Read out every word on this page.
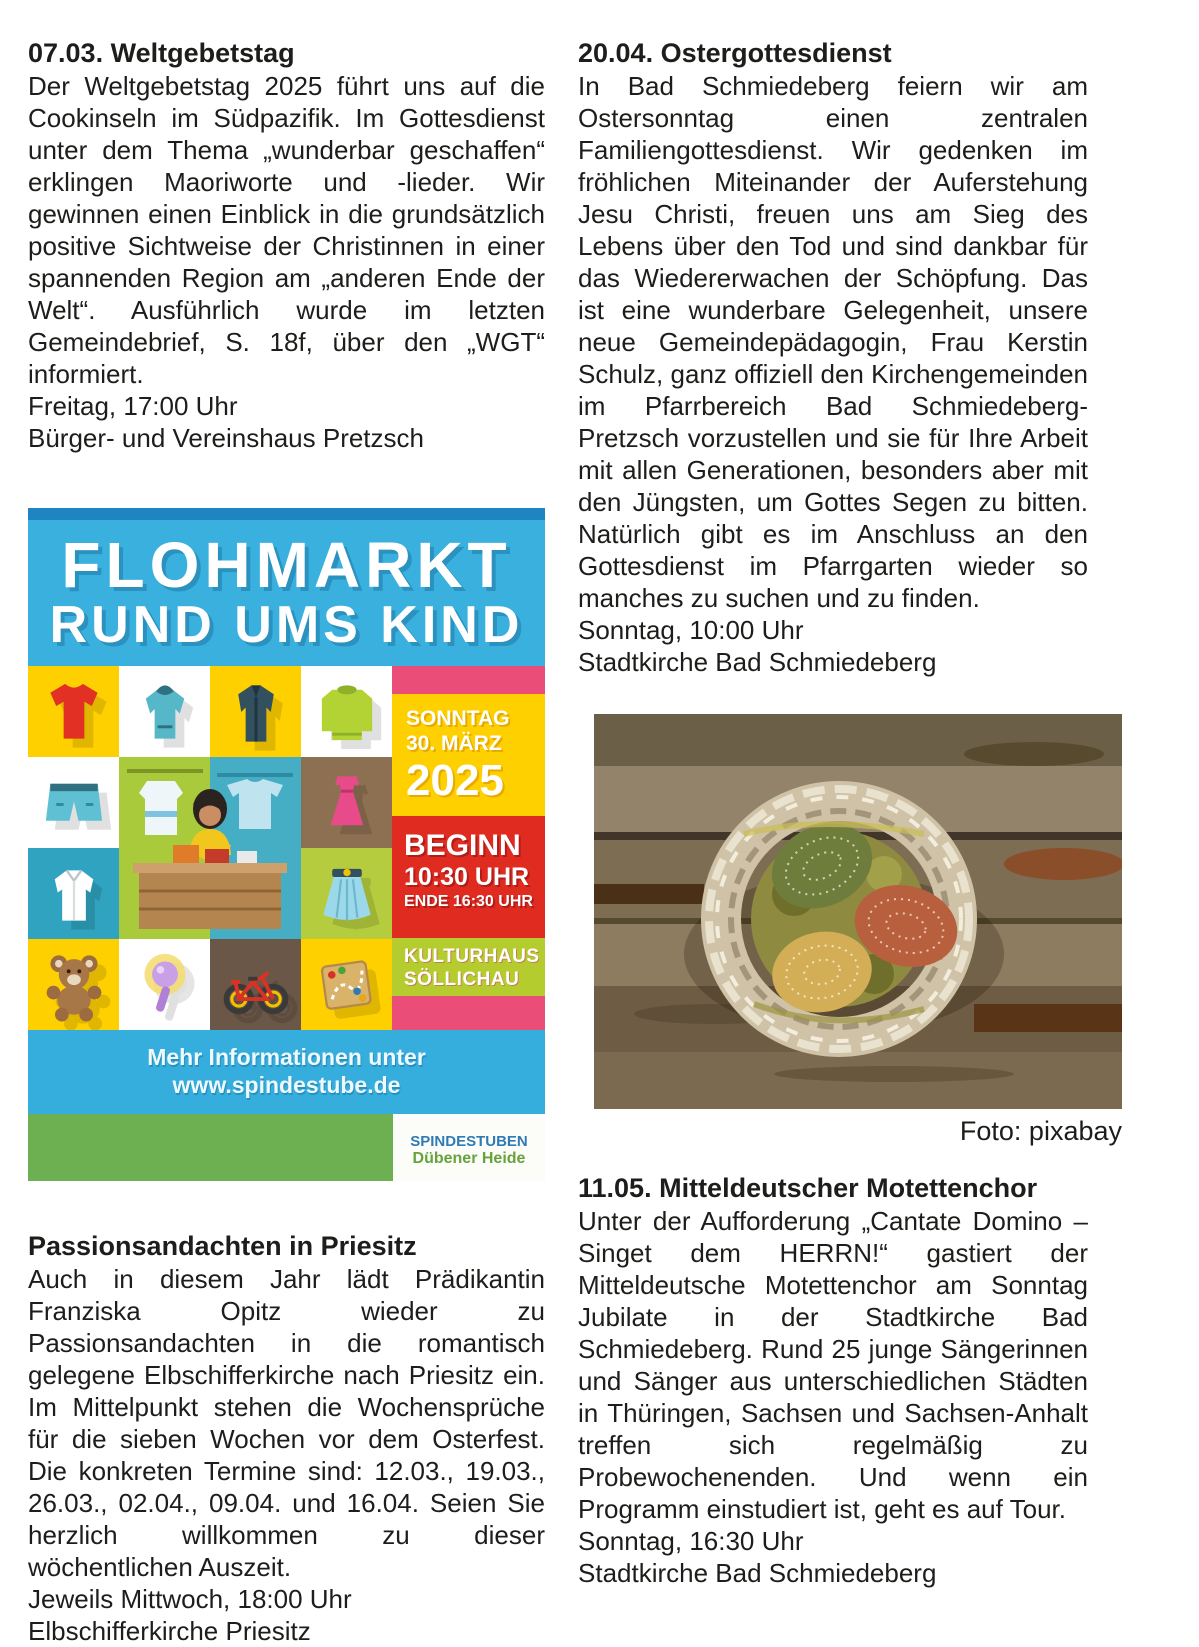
07.03. Weltgebetstag

Der Weltgebetstag 2025 führt uns auf die Cookinseln im Südpazifik. Im Gottesdienst unter dem Thema „wunderbar geschaffen“ erklingen Maoriworte und -lieder. Wir gewinnen einen Einblick in die grundsätzlich positive Sichtweise der Christinnen in einer spannenden Region am „anderen Ende der Welt“. Ausführlich wurde im letzten Gemeindebrief, S. 18f, über den „WGT“ informiert.

Freitag, 17:00 Uhr

Bürger- und Vereinshaus Pretzsch

FLOHMARKT
RUND UMS KIND
SONNTAG
30. MÄRZ
2025
BEGINN
10:30 UHR
ENDE 16:30 UHR
KULTURHAUS
SÖLLICHAU
Mehr Informationen unter
www.spindestube.de
spindestuben
Dübener Heide
Passionsandachten in Priesitz

Auch in diesem Jahr lädt Prädikantin Franziska Opitz wieder zu Passionsandachten in die romantisch gelegene Elbschifferkirche nach Priesitz ein. Im Mittelpunkt stehen die Wochensprüche für die sieben Wochen vor dem Osterfest. Die konkreten Termine sind: 12.03., 19.03., 26.03., 02.04., 09.04. und 16.04. Seien Sie herzlich willkommen zu dieser wöchentlichen Auszeit.

Jeweils Mittwoch, 18:00 Uhr

Elbschifferkirche Priesitz

20.04. Ostergottesdienst

In Bad Schmiedeberg feiern wir am Ostersonntag einen zentralen Familiengottesdienst. Wir gedenken im fröhlichen Miteinander der Auferstehung Jesu Christi, freuen uns am Sieg des Lebens über den Tod und sind dankbar für das Wiedererwachen der Schöpfung. Das ist eine wunderbare Gelegenheit, unsere neue Gemeindepädagogin, Frau Kerstin Schulz, ganz offiziell den Kirchengemeinden im Pfarrbereich Bad Schmiedeberg-Pretzsch vorzustellen und sie für Ihre Arbeit mit allen Generationen, besonders aber mit den Jüngsten, um Gottes Segen zu bitten. Natürlich gibt es im Anschluss an den Gottesdienst im Pfarrgarten wieder so manches zu suchen und zu finden.

Sonntag, 10:00 Uhr

Stadtkirche Bad Schmiedeberg

Foto: pixabay
11.05. Mitteldeutscher Motettenchor

Unter der Aufforderung „Cantate Domino – Singet dem HERRN!“ gastiert der Mitteldeutsche Motettenchor am Sonntag Jubilate in der Stadtkirche Bad Schmiedeberg. Rund 25 junge Sängerinnen und Sänger aus unterschiedlichen Städten in Thüringen, Sachsen und Sachsen-Anhalt treffen sich regelmäßig zu Probewochenenden. Und wenn ein Programm einstudiert ist, geht es auf Tour.

Sonntag, 16:30 Uhr

Stadtkirche Bad Schmiedeberg
